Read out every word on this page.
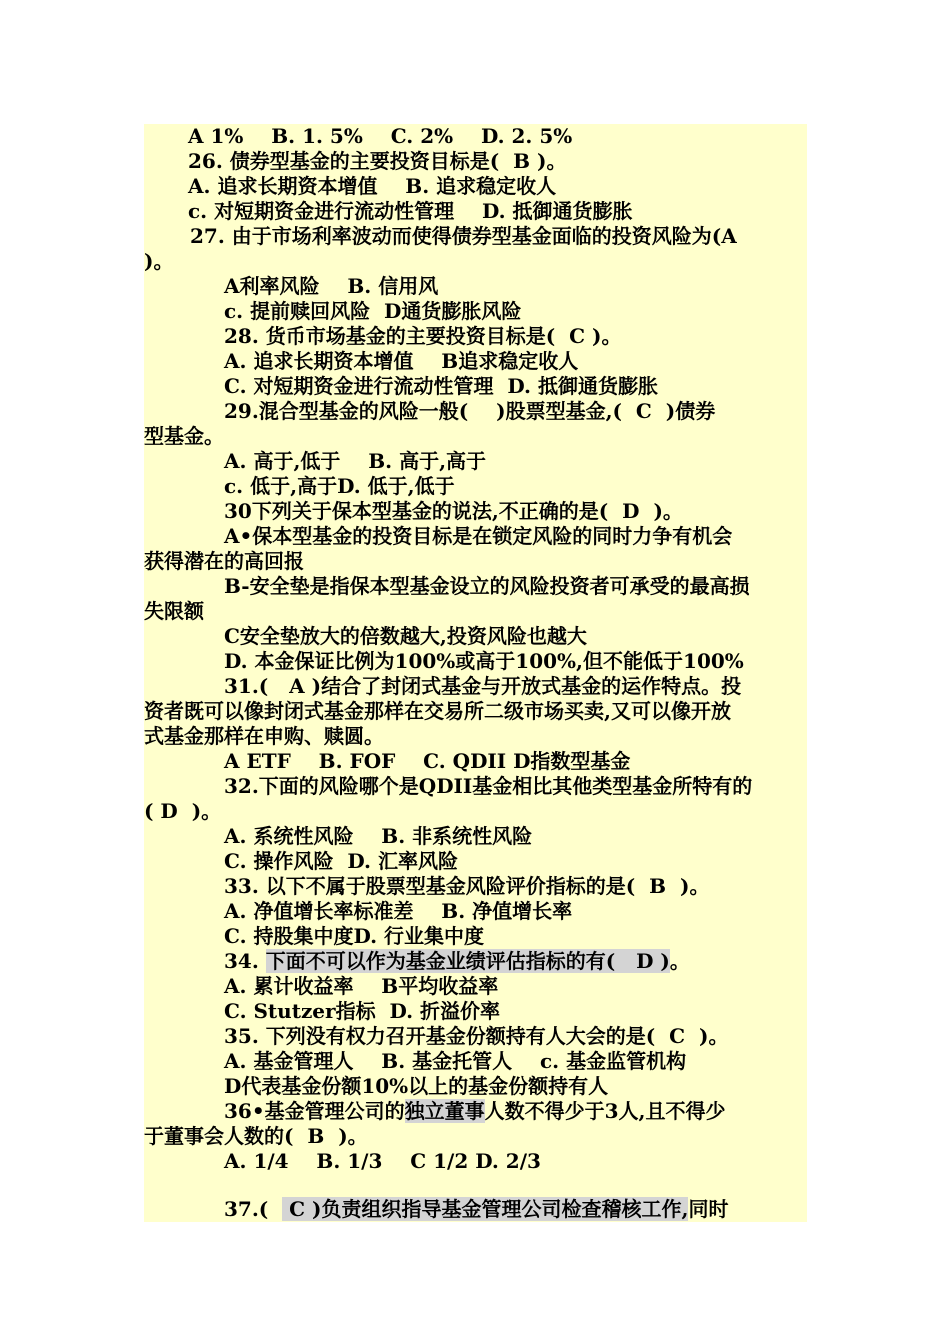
A 1%    B. 1. 5%    C. 2%    D. 2. 5%
26. 债券型基金的主要投资目标是(  B )。
A. 追求长期资本增值    B. 追求稳定收人
c. 对短期资金进行流动性管理    D. 抵御通货膨胀
27. 由于市场利率波动而使得债券型基金面临的投资风险为(A
)。
A利率风险    B. 信用风
c. 提前赎回风险  D通货膨胀风险
28. 货币市场基金的主要投资目标是(  C )。
A. 追求长期资本增值    B追求稳定收人
C. 对短期资金进行流动性管理  D. 抵御通货膨胀
29.混合型基金的风险一般(    )股票型基金,(  C  )债券
型基金。
A. 高于,低于    B. 高于,高于
c. 低于,高于D. 低于,低于
30下列关于保本型基金的说法,不正确的是(  D  )。
A•保本型基金的投资目标是在锁定风险的同时力争有机会
获得潜在的高回报
B-安全垫是指保本型基金设立的风险投资者可承受的最高损
失限额
C安全垫放大的倍数越大,投资风险也越大
D. 本金保证比例为100%或高于100%,但不能低于100%
31.(   A )结合了封闭式基金与开放式基金的运作特点。投
资者既可以像封闭式基金那样在交易所二级市场买卖,又可以像开放
式基金那样在申购、赎圆。
A ETF    B. FOF    C. QDII D指数型基金
32.下面的风险哪个是QDII基金相比其他类型基金所特有的
( D  )。
A. 系统性风险    B. 非系统性风险
C. 操作风险  D. 汇率风险
33. 以下不属于股票型基金风险评价指标的是(  B  )。
A. 净值增长率标准差    B. 净值增长率
C. 持股集中度D. 行业集中度
34. 下面不可以作为基金业绩评估指标的有(   D )。
A. 累计收益率    B平均收益率
C. Stutzer指标  D. 折溢价率
35. 下列没有权力召开基金份额持有人大会的是(  C  )。
A. 基金管理人    B. 基金托管人    c. 基金监管机构
D代表基金份额10%以上的基金份额持有人
36•基金管理公司的独立董事人数不得少于3人,且不得少
于董事会人数的(  B  )。
A. 1/4    B. 1/3    C 1/2 D. 2/3
37.(   C )负责组织指导基金管理公司检查稽核工作,同时
